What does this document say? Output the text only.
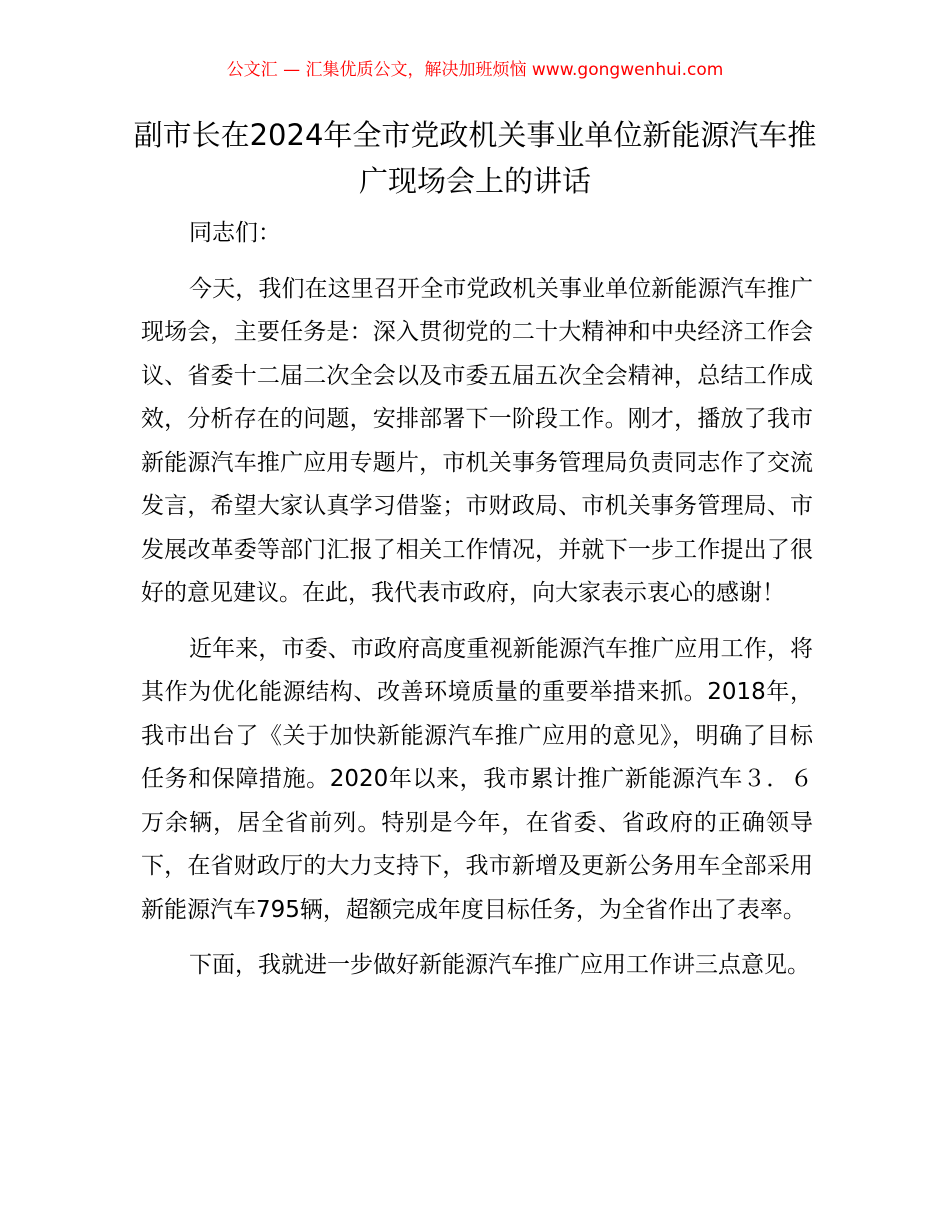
公文汇 — 汇集优质公文，解决加班烦恼 www.gongwenhui.com
副市长在2024年全市党政机关事业单位新能源汽车推广现场会上的讲话

同志们：

今天，我们在这里召开全市党政机关事业单位新能源汽车推广现场会，主要任务是：深入贯彻党的二十大精神和中央经济工作会议、省委十二届二次全会以及市委五届五次全会精神，总结工作成效，分析存在的问题，安排部署下一阶段工作。刚才，播放了我市新能源汽车推广应用专题片，市机关事务管理局负责同志作了交流发言，希望大家认真学习借鉴；市财政局、市机关事务管理局、市发展改革委等部门汇报了相关工作情况，并就下一步工作提出了很好的意见建议。在此，我代表市政府，向大家表示衷心的感谢！

近年来，市委、市政府高度重视新能源汽车推广应用工作，将其作为优化能源结构、改善环境质量的重要举措来抓。2018年，我市出台了《关于加快新能源汽车推广应用的意见》，明确了目标任务和保障措施。2020年以来，我市累计推广新能源汽车３．６万余辆，居全省前列。特别是今年，在省委、省政府的正确领导下，在省财政厅的大力支持下，我市新增及更新公务用车全部采用新能源汽车795辆，超额完成年度目标任务，为全省作出了表率。

下面，我就进一步做好新能源汽车推广应用工作讲三点意见。
